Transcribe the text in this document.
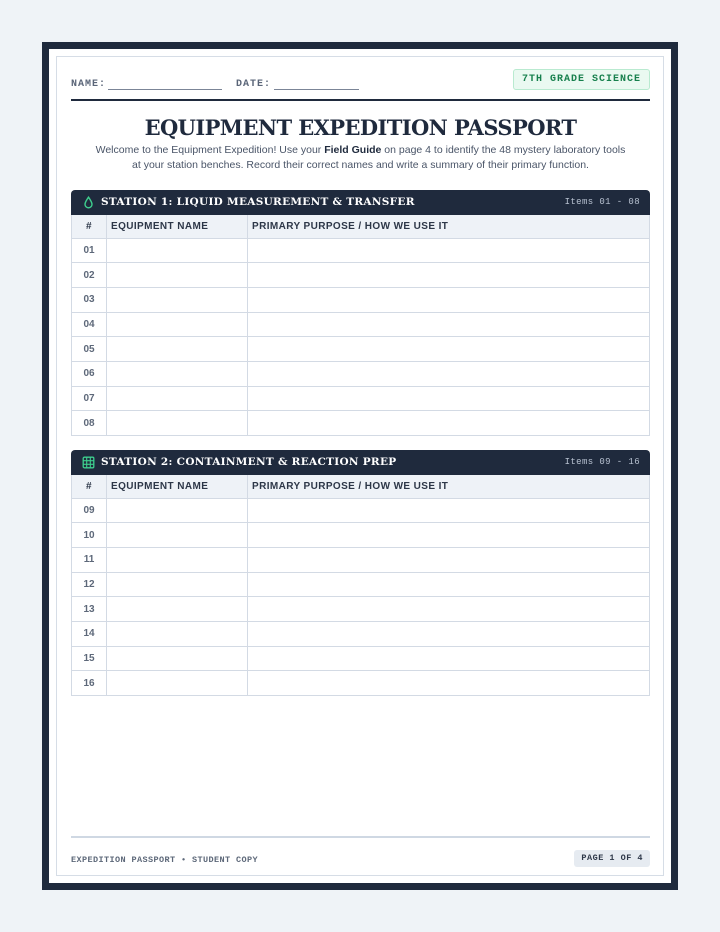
NAME:	DATE:	7TH GRADE SCIENCE
EQUIPMENT EXPEDITION PASSPORT

Welcome to the Equipment Expedition! Use your Field Guide on page 4 to identify the 48 mystery laboratory tools at your station benches. Record their correct names and write a summary of their primary function.

STATION 1: LIQUID MEASUREMENT & TRANSFER	Items 01 - 08
#	EQUIPMENT NAME	PRIMARY PURPOSE / HOW WE USE IT
01		
02		
03		
04		
05		
06		
07		
08		
STATION 2: CONTAINMENT & REACTION PREP	Items 09 - 16
#	EQUIPMENT NAME	PRIMARY PURPOSE / HOW WE USE IT
09		
10		
11		
12		
13		
14		
15		
16		
EXPEDITION PASSPORT • STUDENT COPY	PAGE 1 OF 4
